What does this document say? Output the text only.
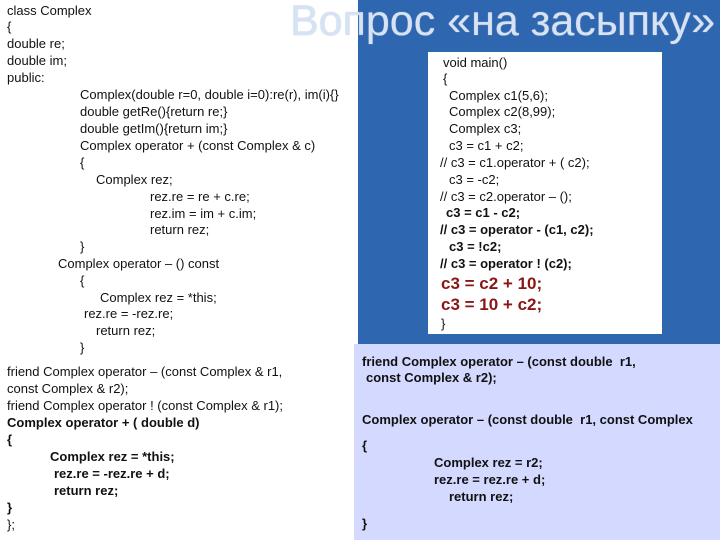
Вопрос «на засыпку»
class Complex
{
double re;
double im;
public:
Complex(double r=0, double i=0):re(r), im(i){}
double getRe(){return re;}
double getIm(){return im;}
Complex operator + (const Complex & c)
{
Complex rez;
rez.re = re + c.re;
rez.im = im + c.im;
return rez;
}
Complex operator – () const
{
Complex rez = *this;
rez.re = -rez.re;
return rez;
}
friend Complex operator – (const Complex & r1,
const Complex & r2);
friend Complex operator ! (const Complex & r1);
Complex operator + ( double d)
{
Complex rez = *this;
rez.re = -rez.re + d;
return rez;
}
};
void main()
{
Complex c1(5,6);
Complex c2(8,99);
Complex c3;
c3 = c1 + c2;
// c3 = c1.operator + ( c2);
c3 = -c2;
// c3 = c2.operator – ();
c3 = c1 - c2;
// c3 = operator - (c1, c2);
c3 = !c2;
// c3 = operator ! (c2);
c3 = c2 + 10;
c3 = 10 + c2;
}
friend Complex operator – (const double  r1,
const Complex & r2);
Complex operator – (const double  r1, const Complex
{
Complex rez = r2;
rez.re = rez.re + d;
return rez;
}
